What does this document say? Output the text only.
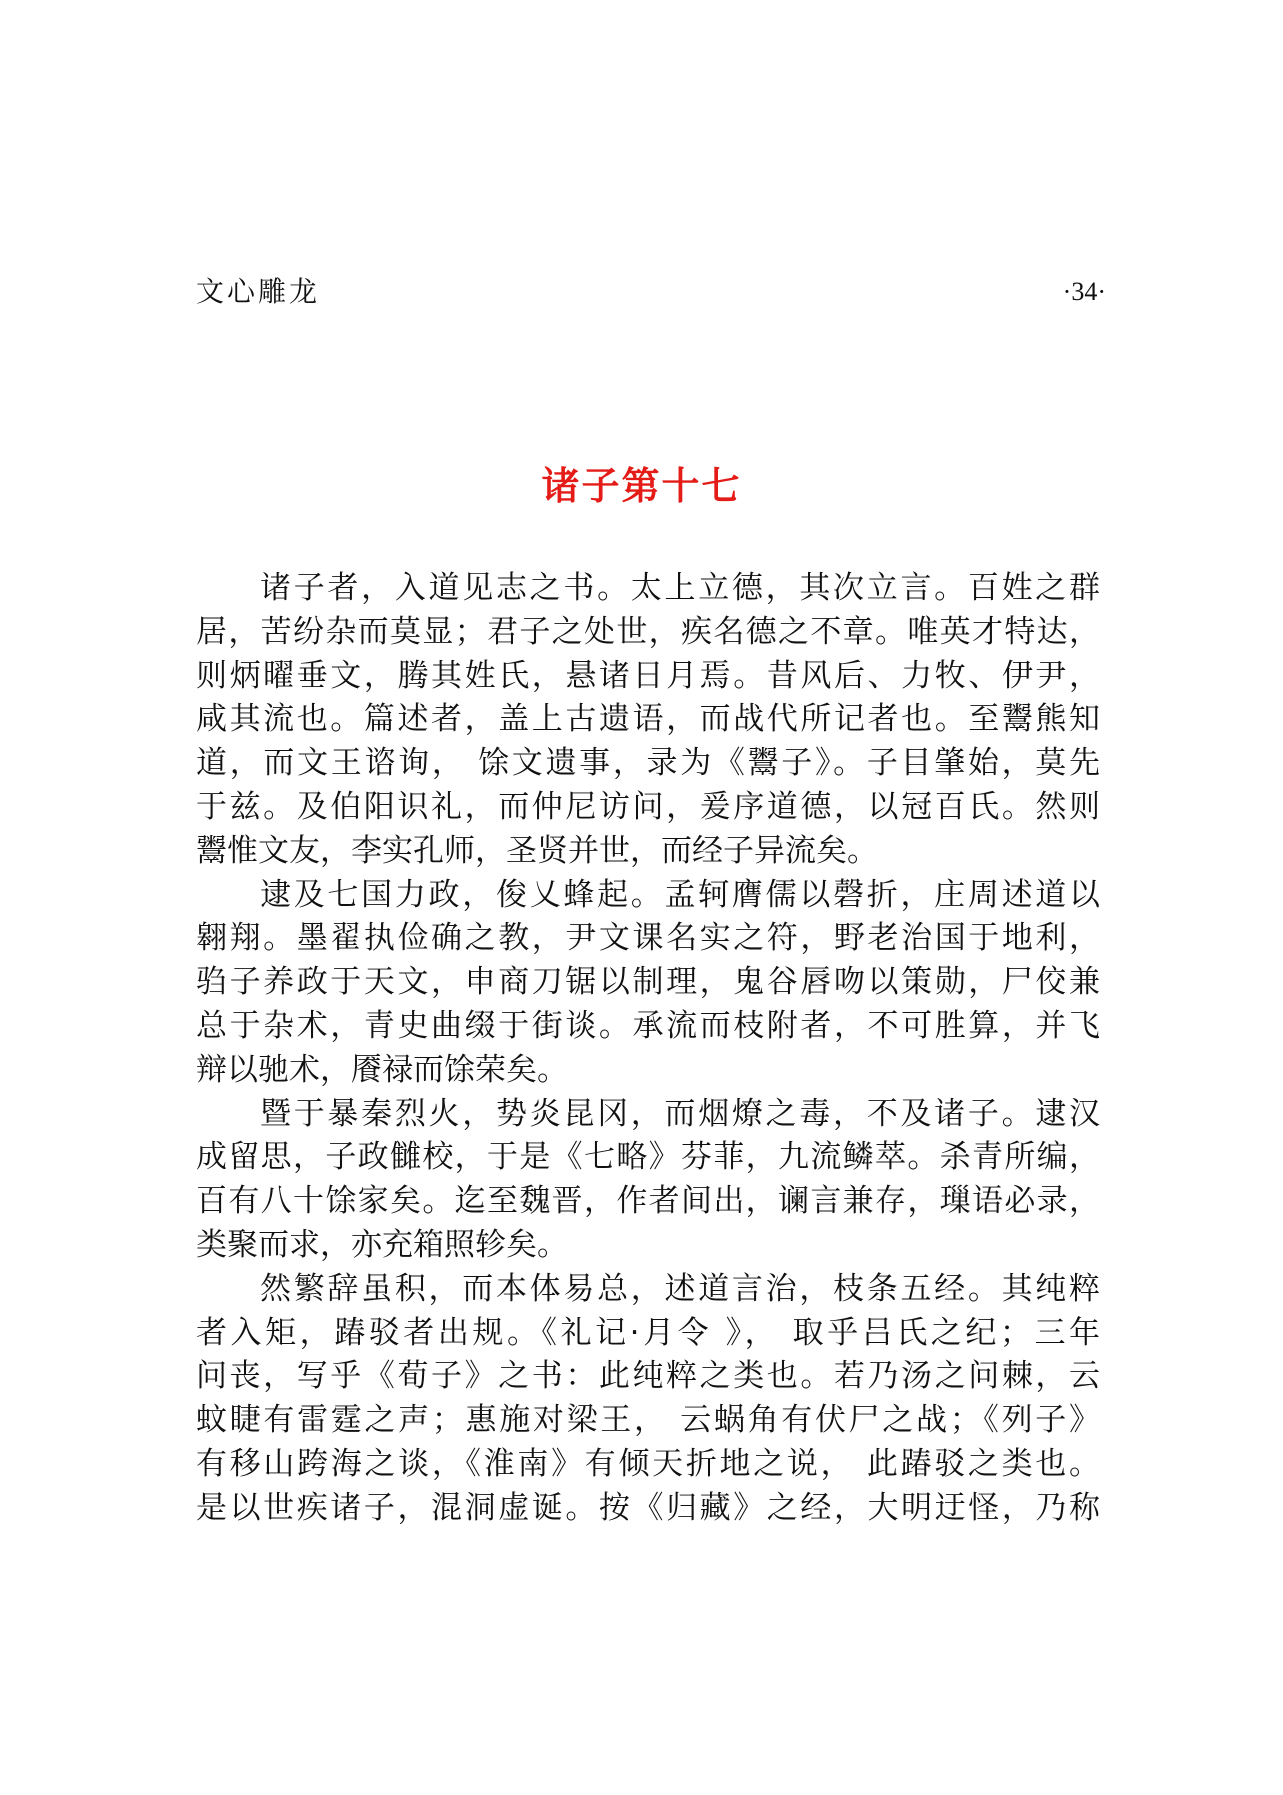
文心雕龙	·34·
诸子第十七
诸子者，入道见志之书。太上立德，其次立言。百姓之群
居，苦纷杂而莫显；君子之处世，疾名德之不章。唯英才特达，
则炳曜垂文，腾其姓氏，悬诸日月焉。昔风后、力牧、伊尹，
咸其流也。篇述者，盖上古遗语，而战代所记者也。至鬻熊知
道，而文王谘询， 馀文遗事，录为《鬻子》。子目肇始，莫先
于兹。及伯阳识礼，而仲尼访问，爰序道德，以冠百氏。然则
鬻惟文友，李实孔师，圣贤并世，而经子异流矣。
逮及七国力政，俊乂蜂起。孟轲膺儒以磬折，庄周述道以
翱翔。墨翟执俭确之教，尹文课名实之符，野老治国于地利，
驺子养政于天文，申商刀锯以制理，鬼谷唇吻以策勋，尸佼兼
总于杂术，青史曲缀于街谈。承流而枝附者，不可胜算，并飞
辩以驰术，餍禄而馀荣矣。
暨于暴秦烈火，势炎昆冈，而烟燎之毒，不及诸子。逮汉
成留思，子政雠校，于是《七略》芬菲，九流鳞萃。杀青所编，
百有八十馀家矣。迄至魏晋，作者间出，谰言兼存，璅语必录，
类聚而求，亦充箱照轸矣。
然繁辞虽积，而本体易总，述道言治，枝条五经。其纯粹
者入矩，踳驳者出规。《礼记·月令 》， 取乎吕氏之纪；三年
问丧，写乎《荀子》之书：此纯粹之类也。若乃汤之问棘，云
蚊睫有雷霆之声；惠施对梁王， 云蜗角有伏尸之战；《列子》
有移山跨海之谈，《淮南》有倾天折地之说， 此踳驳之类也。
是以世疾诸子，混洞虚诞。按《归藏》之经，大明迂怪，乃称
